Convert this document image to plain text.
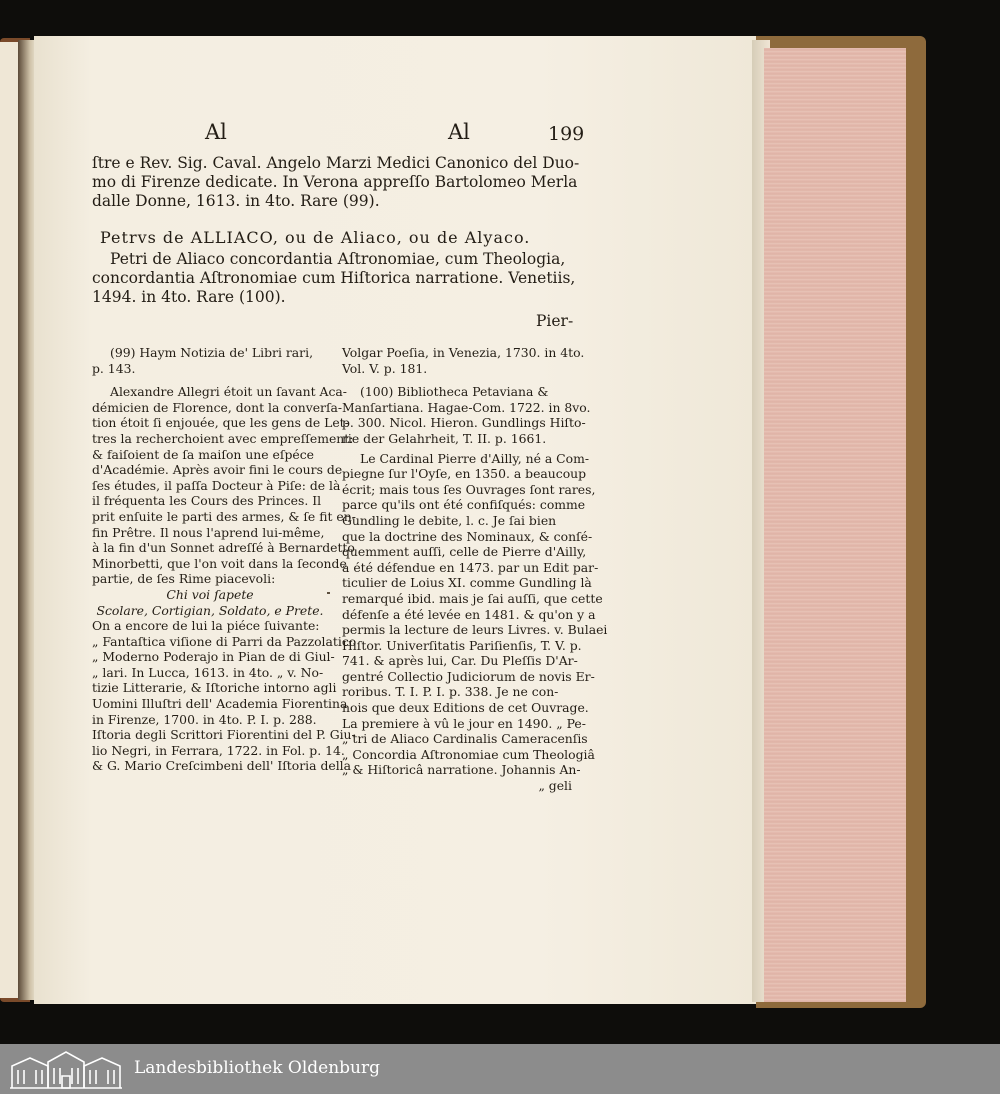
Al	Al	199
ſtre e Rev. Sig. Caval. Angelo Marzi Medici Canonico del Duo-
mo di Firenze dedicate. In Verona appreſſo Bartolomeo Merla
dalle Donne, 1613. in 4to. Rare (99).
Petrvs de ALLIACO, ou de Aliaco, ou de Alyaco.
Petri de Aliaco concordantia Aſtronomiae, cum Theologia,
concordantia Aſtronomiae cum Hiſtorica narratione. Venetiis,
1494. in 4to. Rare (100).
Pier-
(99) Haym Notizia de' Libri rari,
p. 143.
Alexandre Allegri étoit un ſavant Aca-
démicien de Florence, dont la converſa-
tion étoit ſi enjouée, que les gens de Let-
tres la recherchoient avec empreſſement:
& faiſoient de ſa maiſon une eſpéce
d'Académie. Après avoir fini le cours de
ſes études, il paſſa Docteur à Piſe: de là
il fréquenta les Cours des Princes. Il
prit enſuite le parti des armes, & ſe fit en-
fin Prêtre. Il nous l'aprend lui-même,
à la fin d'un Sonnet adreſſé à Bernardetto
Minorbetti, que l'on voit dans la ſeconde
partie, de ſes Rime piacevoli:
Chi voi ſapete
Scolare, Cortigian, Soldato, e Prete.
On a encore de lui la piéce ſuivante:
„ Fantaſtica viſione di Parri da Pazzolatico
„ Moderno Poderajo in Pian de di Giul-
„ lari. In Lucca, 1613. in 4to. „ v. No-
tizie Litterarie, & Iſtoriche intorno agli
Uomini Illuſtri dell' Academia Fiorentina
in Firenze, 1700. in 4to. P. I. p. 288.
Iſtoria degli Scrittori Fiorentini del P. Giu-
lio Negri, in Ferrara, 1722. in Fol. p. 14.
& G. Mario Creſcimbeni dell' Iſtoria della
Volgar Poeſia, in Venezia, 1730. in 4to.
Vol. V. p. 181.
(100) Bibliotheca Petaviana &
Manſartiana. Hagae-Com. 1722. in 8vo.
p. 300. Nicol. Hieron. Gundlings Hiſto-
rie der Gelahrheit, T. II. p. 1661.
Le Cardinal Pierre d'Ailly, né a Com-
piegne ſur l'Oyſe, en 1350. a beaucoup
écrit; mais tous ſes Ouvrages ſont rares,
parce qu'ils ont été confiſqués: comme
Gundling le debite, l. c. Je ſai bien
que la doctrine des Nominaux, & conſé-
quemment auſſi, celle de Pierre d'Ailly,
a été défendue en 1473. par un Edit par-
ticulier de Loius XI. comme Gundling là
remarqué ibid. mais je ſai auſſi, que cette
défenſe a été levée en 1481. & qu'on y a
permis la lecture de leurs Livres. v. Bulaei
Hiſtor. Univerſitatis Pariſienſis, T. V. p.
741. & après lui, Car. Du Pleſſis D'Ar-
gentré Collectio Judiciorum de novis Er-
roribus. T. I. P. I. p. 338. Je ne con-
nois que deux Editions de cet Ouvrage.
La premiere à vû le jour en 1490. „ Pe-
„ tri de Aliaco Cardinalis Cameracenſis
„ Concordia Aſtronomiae cum Theologiâ
„ & Hiſtoricâ narratione. Johannis An-
„ geli
Landesbibliothek Oldenburg
